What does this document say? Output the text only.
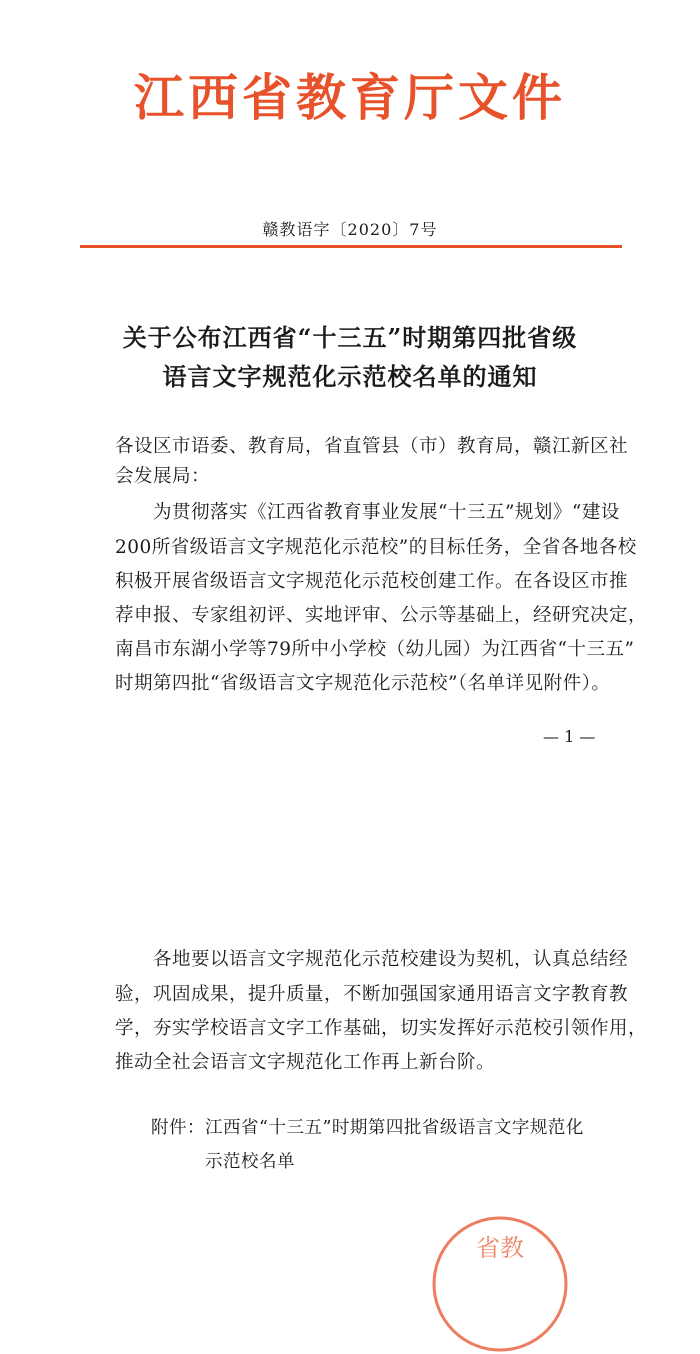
江西省教育厅文件
赣教语字〔2020〕7号
关于公布江西省“十三五”时期第四批省级
语言文字规范化示范校名单的通知
各设区市语委、教育局，省直管县（市）教育局，赣江新区社
会发展局：
　　为贯彻落实《江西省教育事业发展“十三五”规划》“建设
200所省级语言文字规范化示范校”的目标任务，全省各地各校
积极开展省级语言文字规范化示范校创建工作。在各设区市推
荐申报、专家组初评、实地评审、公示等基础上，经研究决定，
南昌市东湖小学等79所中小学校（幼儿园）为江西省“十三五”
时期第四批“省级语言文字规范化示范校”（名单详见附件）。
— 1 —
　　各地要以语言文字规范化示范校建设为契机，认真总结经
验，巩固成果，提升质量，不断加强国家通用语言文字教育教
学，夯实学校语言文字工作基础，切实发挥好示范校引领作用，
推动全社会语言文字规范化工作再上新台阶。
　　附件：江西省“十三五”时期第四批省级语言文字规范化
　　　　　示范校名单
省教
